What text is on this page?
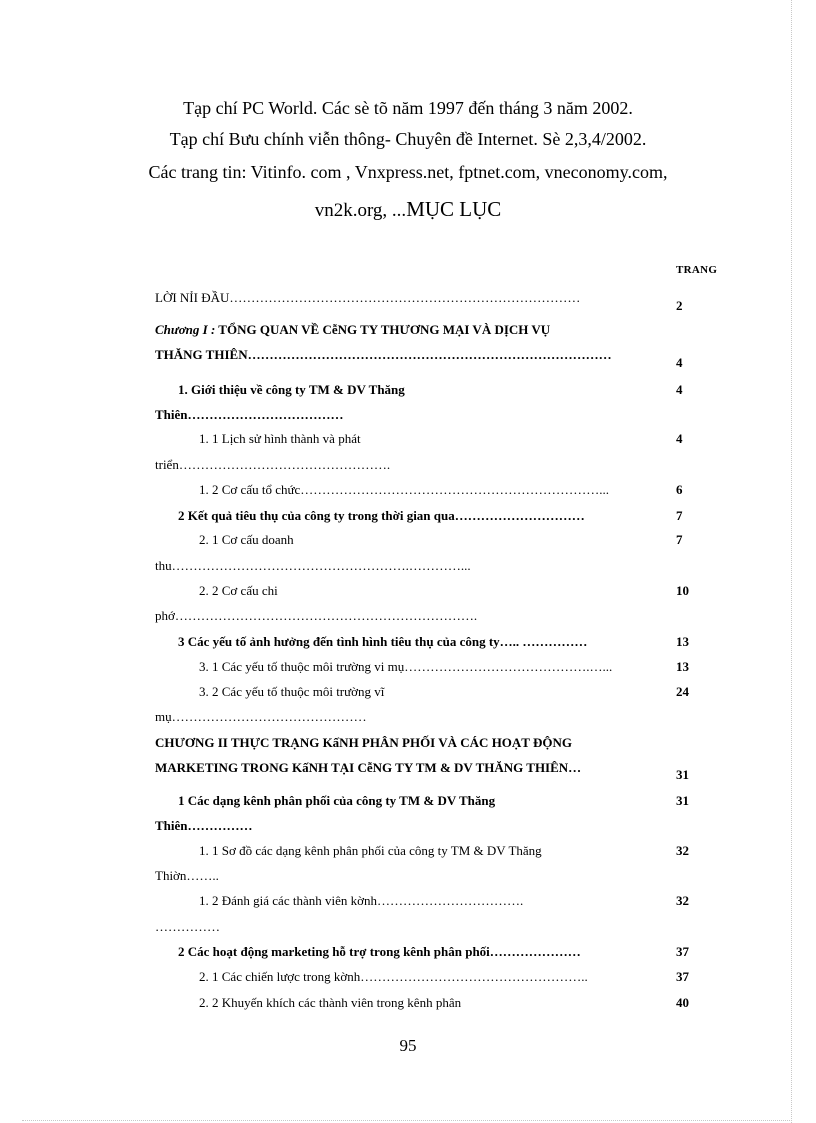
Tạp chí PC World. Các sè tõ năm 1997 đến tháng 3 năm 2002.
Tạp chí Bưu chính viễn thông- Chuyên đề Internet. Sè 2,3,4/2002.
Các trang tin: Vitinfo. com , Vnxpress.net, fptnet.com, vneconomy.com,
vn2k.org, ...MỤC LỤC
TRANG
LỜI NỈI ĐẦU………………………………………………………………………
2
Chương I : TỔNG QUAN VỀ CễNG TY THƯƠNG MẠI VÀ DỊCH VỤ
THĂNG THIÊN…………………………………………………………………………
4
1. Giới thiệu về công ty TM & DV Thăng	4
Thiên………………………………
1. 1 Lịch sử hình thành và phát	4
triển………………………………………….
1. 2 Cơ cấu tổ chức……………………………………………………………...	6
2 Kết quả tiêu thụ của công ty trong thời gian qua…………………………	7
2. 1 Cơ cấu doanh	7
thu……………………………………………….…………...
2. 2 Cơ cấu chi	10
phớ…………………………………………………………….
3 Các yếu tố ảnh hưởng đến tình hình tiêu thụ của công ty….. ……………	13
3. 1 Các yếu tố thuộc môi trường vi mụ…………………………………….…...	13
3. 2 Các yếu tố thuộc môi trường vĩ	24
mụ………………………………………
CHƯƠNG II THỰC TRẠNG KấNH PHÂN PHỐI VÀ CÁC HOẠT ĐỘNG
MARKETING TRONG KấNH TẠI CễNG TY TM & DV THĂNG THIÊN…	31
1 Các dạng kênh phân phối của công ty TM & DV Thăng	31
Thiên……………
1. 1 Sơ đồ các dạng kênh phân phối của công ty TM & DV Thăng	32
Thiờn……..
1. 2 Đánh giá các thành viên kờnh…………………………….	32
……………
2 Các hoạt động marketing hỗ trợ trong kênh phân phối…………………	37
2. 1 Các chiến lược trong kờnh……………………………………………..	37
2. 2 Khuyến khích các thành viên trong kênh phân	40
95
